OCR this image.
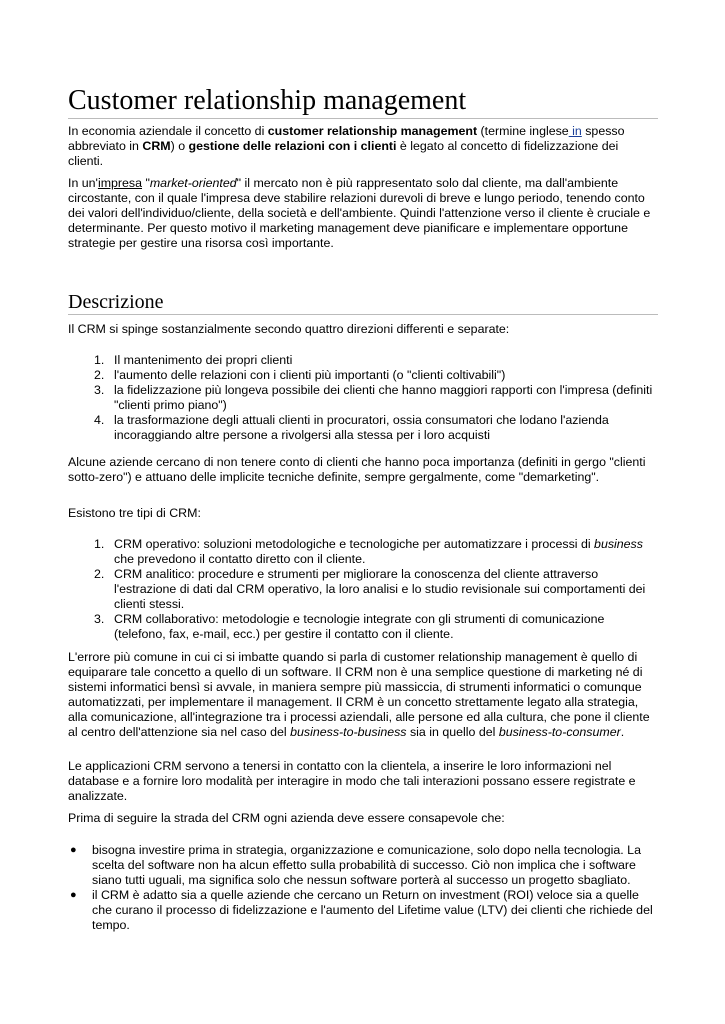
Customer relationship management

In economia aziendale il concetto di customer relationship management (termine inglese in spesso abbreviato in CRM) o gestione delle relazioni con i clienti è legato al concetto di fidelizzazione dei clienti.

In un'impresa "market-oriented" il mercato non è più rappresentato solo dal cliente, ma dall'ambiente circostante, con il quale l'impresa deve stabilire relazioni durevoli di breve e lungo periodo, tenendo conto dei valori dell'individuo/cliente, della società e dell'ambiente. Quindi l'attenzione verso il cliente è cruciale e determinante. Per questo motivo il marketing management deve pianificare e implementare opportune strategie per gestire una risorsa così importante.

Descrizione

Il CRM si spinge sostanzialmente secondo quattro direzioni differenti e separate:

1. Il mantenimento dei propri clienti
2. l'aumento delle relazioni con i clienti più importanti (o "clienti coltivabili")
3. la fidelizzazione più longeva possibile dei clienti che hanno maggiori rapporti con l'impresa (definiti "clienti primo piano")
4. la trasformazione degli attuali clienti in procuratori, ossia consumatori che lodano l'azienda incoraggiando altre persone a rivolgersi alla stessa per i loro acquisti

Alcune aziende cercano di non tenere conto di clienti che hanno poca importanza (definiti in gergo "clienti sotto-zero") e attuano delle implicite tecniche definite, sempre gergalmente, come "demarketing".

Esistono tre tipi di CRM:

1. CRM operativo: soluzioni metodologiche e tecnologiche per automatizzare i processi di business che prevedono il contatto diretto con il cliente.
2. CRM analitico: procedure e strumenti per migliorare la conoscenza del cliente attraverso l'estrazione di dati dal CRM operativo, la loro analisi e lo studio revisionale sui comportamenti dei clienti stessi.
3. CRM collaborativo: metodologie e tecnologie integrate con gli strumenti di comunicazione (telefono, fax, e-mail, ecc.) per gestire il contatto con il cliente.

L'errore più comune in cui ci si imbatte quando si parla di customer relationship management è quello di equiparare tale concetto a quello di un software. Il CRM non è una semplice questione di marketing né di sistemi informatici bensì si avvale, in maniera sempre più massiccia, di strumenti informatici o comunque automatizzati, per implementare il management. Il CRM è un concetto strettamente legato alla strategia, alla comunicazione, all'integrazione tra i processi aziendali, alle persone ed alla cultura, che pone il cliente al centro dell'attenzione sia nel caso del business-to-business sia in quello del business-to-consumer.

Le applicazioni CRM servono a tenersi in contatto con la clientela, a inserire le loro informazioni nel database e a fornire loro modalità per interagire in modo che tali interazioni possano essere registrate e analizzate.

Prima di seguire la strada del CRM ogni azienda deve essere consapevole che:

● bisogna investire prima in strategia, organizzazione e comunicazione, solo dopo nella tecnologia. La scelta del software non ha alcun effetto sulla probabilità di successo. Ciò non implica che i software siano tutti uguali, ma significa solo che nessun software porterà al successo un progetto sbagliato.
● il CRM è adatto sia a quelle aziende che cercano un Return on investment (ROI) veloce sia a quelle che curano il processo di fidelizzazione e l'aumento del Lifetime value (LTV) dei clienti che richiede del tempo.
